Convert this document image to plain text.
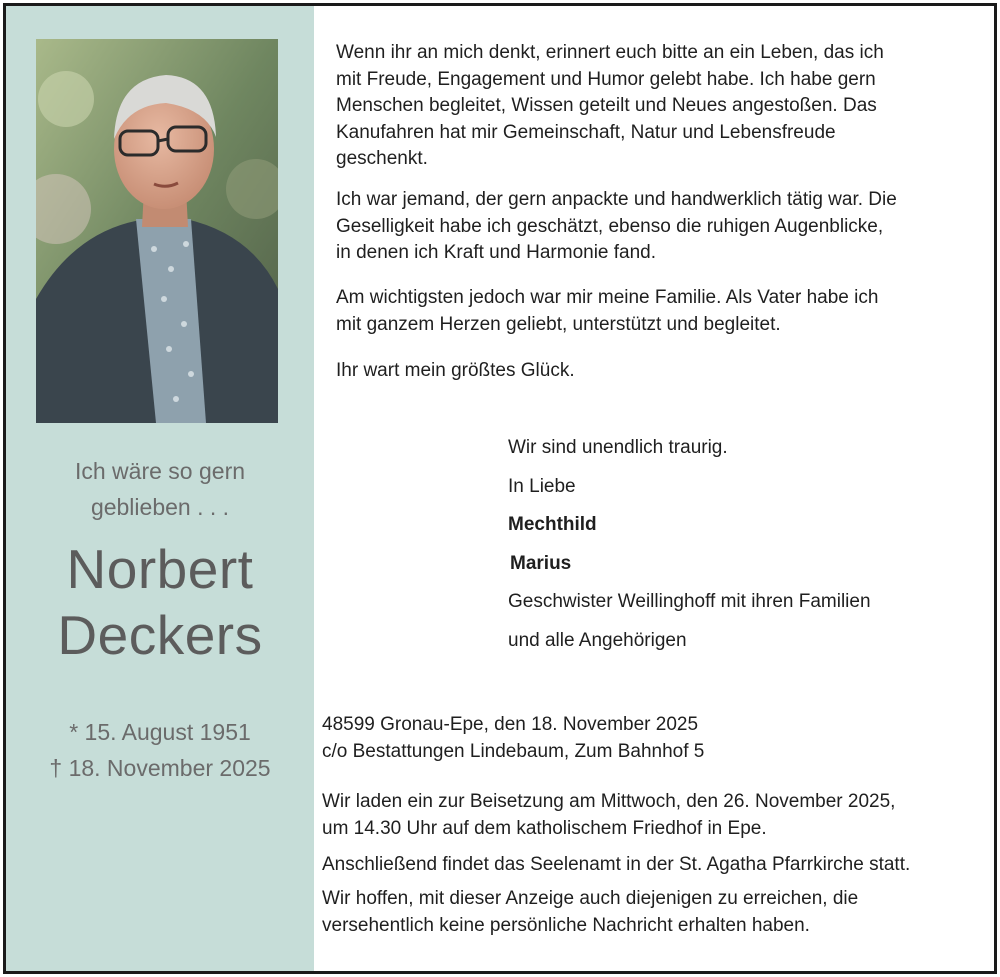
Ich wäre so gern
geblieben . . .
Norbert
Deckers
* 15. August 1951
† 18. November 2025
Wenn ihr an mich denkt, erinnert euch bitte an ein Leben, das ich
mit Freude, Engagement und Humor gelebt habe. Ich habe gern
Menschen begleitet, Wissen geteilt und Neues angestoßen. Das
Kanufahren hat mir Gemeinschaft, Natur und Lebensfreude
geschenkt.
Ich war jemand, der gern anpackte und handwerklich tätig war. Die
Geselligkeit habe ich geschätzt, ebenso die ruhigen Augenblicke,
in denen ich Kraft und Harmonie fand.
Am wichtigsten jedoch war mir meine Familie. Als Vater habe ich
mit ganzem Herzen geliebt, unterstützt und begleitet.
Ihr wart mein größtes Glück.
Wir sind unendlich traurig.
In Liebe
Mechthild
Marius
Geschwister Weillinghoff mit ihren Familien
und alle Angehörigen
48599 Gronau-Epe, den 18. November 2025
c/o Bestattungen Lindebaum, Zum Bahnhof 5
Wir laden ein zur Beisetzung am Mittwoch, den 26. November 2025,
um 14.30 Uhr auf dem katholischem Friedhof in Epe.
Anschließend findet das Seelenamt in der St. Agatha Pfarrkirche statt.
Wir hoffen, mit dieser Anzeige auch diejenigen zu erreichen, die
versehentlich keine persönliche Nachricht erhalten haben.
